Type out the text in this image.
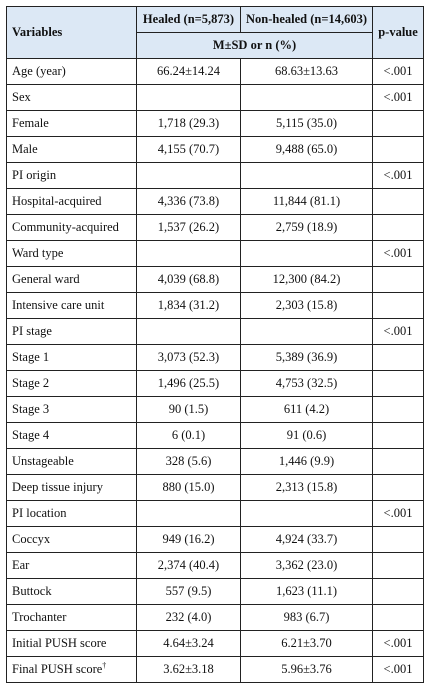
Variables	Healed (n=5,873)	Non-healed (n=14,603)	p-value
	M±SD or n (%)		
Age (year)	66.24±14.24	68.63±13.63	<.001
Sex			<.001
Female	1,718 (29.3)	5,115 (35.0)	
Male	4,155 (70.7)	9,488 (65.0)	
PI origin			<.001
Hospital-acquired	4,336 (73.8)	11,844 (81.1)	
Community-acquired	1,537 (26.2)	2,759 (18.9)	
Ward type			<.001
General ward	4,039 (68.8)	12,300 (84.2)	
Intensive care unit	1,834 (31.2)	2,303 (15.8)	
PI stage			<.001
Stage 1	3,073 (52.3)	5,389 (36.9)	
Stage 2	1,496 (25.5)	4,753 (32.5)	
Stage 3	90 (1.5)	611 (4.2)	
Stage 4	6 (0.1)	91 (0.6)	
Unstageable	328 (5.6)	1,446 (9.9)	
Deep tissue injury	880 (15.0)	2,313 (15.8)	
PI location			<.001
Coccyx	949 (16.2)	4,924 (33.7)	
Ear	2,374 (40.4)	3,362 (23.0)	
Buttock	557 (9.5)	1,623 (11.1)	
Trochanter	232 (4.0)	983 (6.7)	
Initial PUSH score	4.64±3.24	6.21±3.70	<.001
Final PUSH score†	3.62±3.18	5.96±3.76	<.001
